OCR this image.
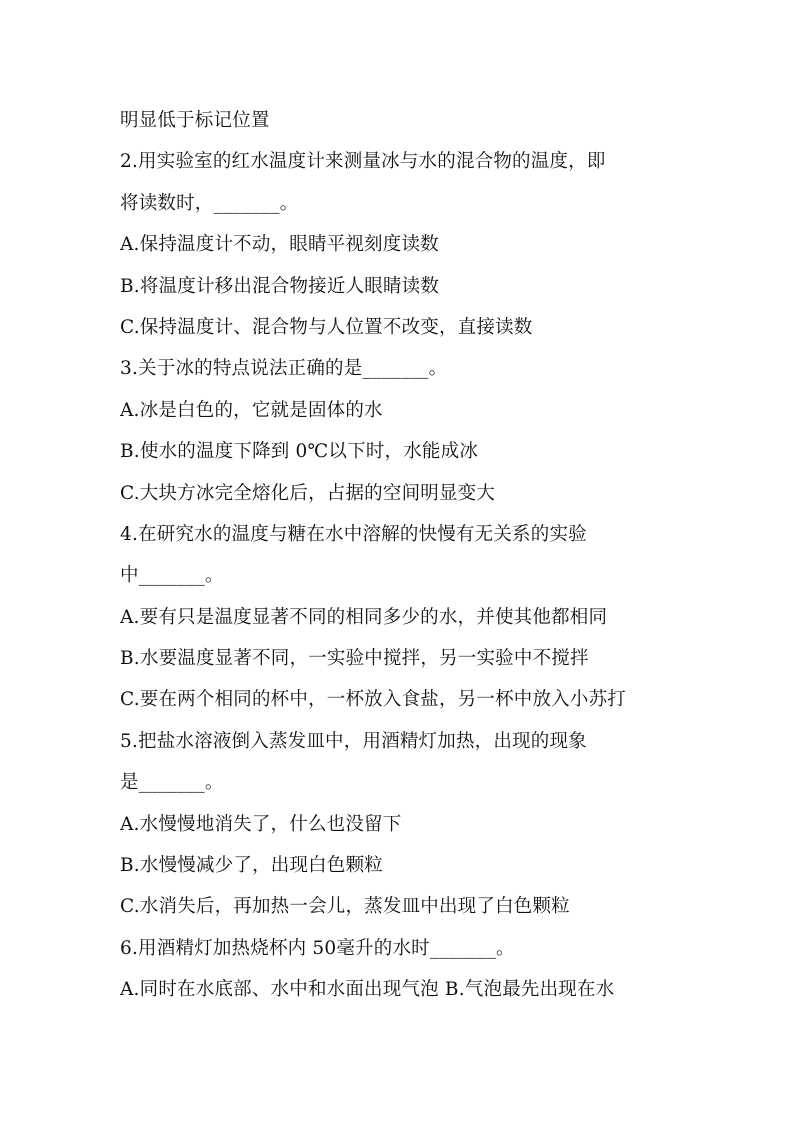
明显低于标记位置
2.用实验室的红水温度计来测量冰与水的混合物的温度，即
将读数时，_______。
A.保持温度计不动，眼睛平视刻度读数
B.将温度计移出混合物接近人眼睛读数
C.保持温度计、混合物与人位置不改变，直接读数
3.关于冰的特点说法正确的是_______。
A.冰是白色的，它就是固体的水
B.使水的温度下降到 0℃以下时，水能成冰
C.大块方冰完全熔化后，占据的空间明显变大
4.在研究水的温度与糖在水中溶解的快慢有无关系的实验
中_______。
A.要有只是温度显著不同的相同多少的水，并使其他都相同
B.水要温度显著不同，一实验中搅拌，另一实验中不搅拌
C.要在两个相同的杯中，一杯放入食盐，另一杯中放入小苏打
5.把盐水溶液倒入蒸发皿中，用酒精灯加热，出现的现象
是_______。
A.水慢慢地消失了，什么也没留下
B.水慢慢减少了，出现白色颗粒
C.水消失后，再加热一会儿，蒸发皿中出现了白色颗粒
6.用酒精灯加热烧杯内 50毫升的水时_______。
A.同时在水底部、水中和水面出现气泡 B.气泡最先出现在水
